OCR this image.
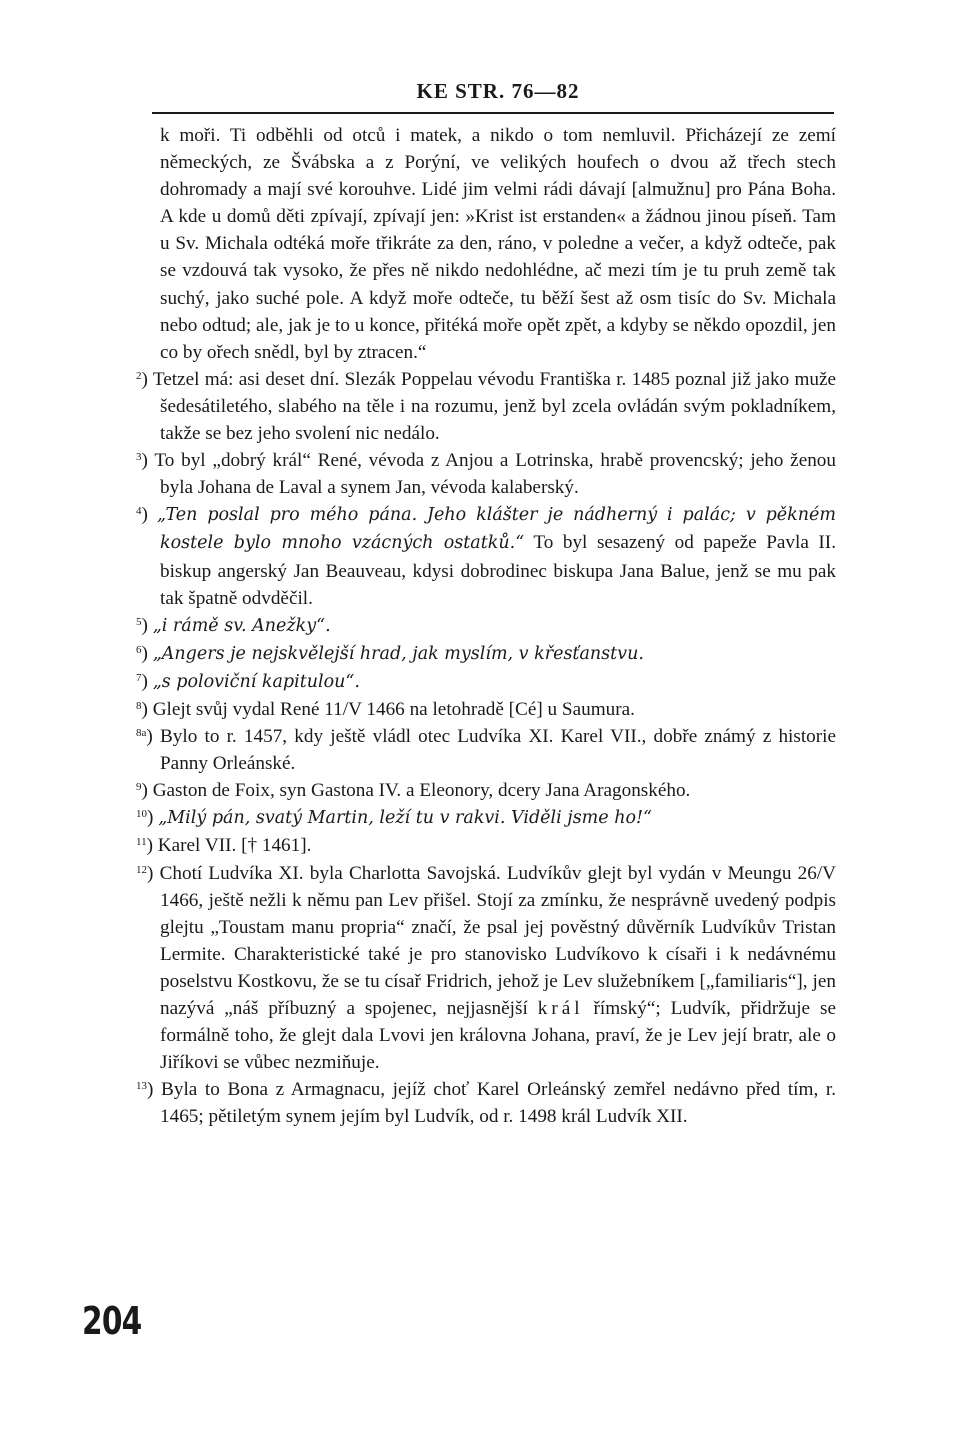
KE STR. 76—82

k moři. Ti odběhli od otců i matek, a nikdo o tom nemluvil. Přicházejí ze zemí německých, ze Švábska a z Porýní, ve velikých houfech o dvou až třech stech dohromady a mají své korouhve. Lidé jim velmi rádi dávají [almužnu] pro Pána Boha. A kde u domů děti zpívají, zpívají jen: »Krist ist erstanden« a žádnou jinou píseň. Tam u Sv. Michala odtéká moře třikráte za den, ráno, v poledne a večer, a když odteče, pak se vzdouvá tak vysoko, že přes ně nikdo nedohlédne, ač mezi tím je tu pruh země tak suchý, jako suché pole. A když moře odteče, tu běží šest až osm tisíc do Sv. Michala nebo odtud; ale, jak je to u konce, přitéká moře opět zpět, a kdyby se někdo opozdil, jen co by ořech snědl, byl by ztracen.“

$^2$) Tetzel má: asi deset dní. Slezák Poppelau vévodu Františka r. 1485 poznal již jako muže šedesátiletého, slabého na těle i na rozumu, jenž byl zcela ovládán svým pokladníkem, takže se bez jeho svolení nic nedálo.

$^3$) To byl „dobrý král“ René, vévoda z Anjou a Lotrinska, hrabě provencský; jeho ženou byla Johana de Laval a synem Jan, vévoda kalaberský.

$^4$) „Ten poslal pro mého pána. Jeho klášter je nádherný i palác; v pěkném kostele bylo mnoho vzácných ostatků.“ To byl sesazený od papeže Pavla II. biskup angerský Jan Beauveau, kdysi dobrodinec biskupa Jana Balue, jenž se mu pak tak špatně odvděčil.

$^5$) „i rámě sv. Anežky“.

$^6$) „Angers je nejskvělejší hrad, jak myslím, v křesťanstvu.

$^7$) „s poloviční kapitulou“.

$^8$) Glejt svůj vydal René 11/V 1466 na letohradě [Cé] u Saumura.

$^{8a}$) Bylo to r. 1457, kdy ještě vládl otec Ludvíka XI. Karel VII., dobře známý z historie Panny Orleánské.

$^9$) Gaston de Foix, syn Gastona IV. a Eleonory, dcery Jana Aragonského.

$^{10}$) „Milý pán, svatý Martin, leží tu v rakvi. Viděli jsme ho!“

$^{11}$) Karel VII. [† 1461].

$^{12}$) Chotí Ludvíka XI. byla Charlotta Savojská. Ludvíkův glejt byl vydán v Meungu 26/V 1466, ještě nežli k němu pan Lev přišel. Stojí za zmínku, že nesprávně uvedený podpis glejtu „Toustam manu propria“ značí, že psal jej pověstný důvěrník Ludvíkův Tristan Lermite. Charakteristické také je pro stanovisko Ludvíkovo k císaři i k nedávnému poselstvu Kostkovu, že se tu císař Fridrich, jehož je Lev služebníkem [„familiaris“], jen nazývá „náš příbuzný a spojenec, nejjasnější král římský“; Ludvík, přidržuje se formálně toho, že glejt dala Lvovi jen královna Johana, praví, že je Lev její bratr, ale o Jiříkovi se vůbec nezmiňuje.

$^{13}$) Byla to Bona z Armagnacu, jejíž choť Karel Orleánský zemřel nedávno před tím, r. 1465; pětiletým synem jejím byl Ludvík, od r. 1498 král Ludvík XII.

204
